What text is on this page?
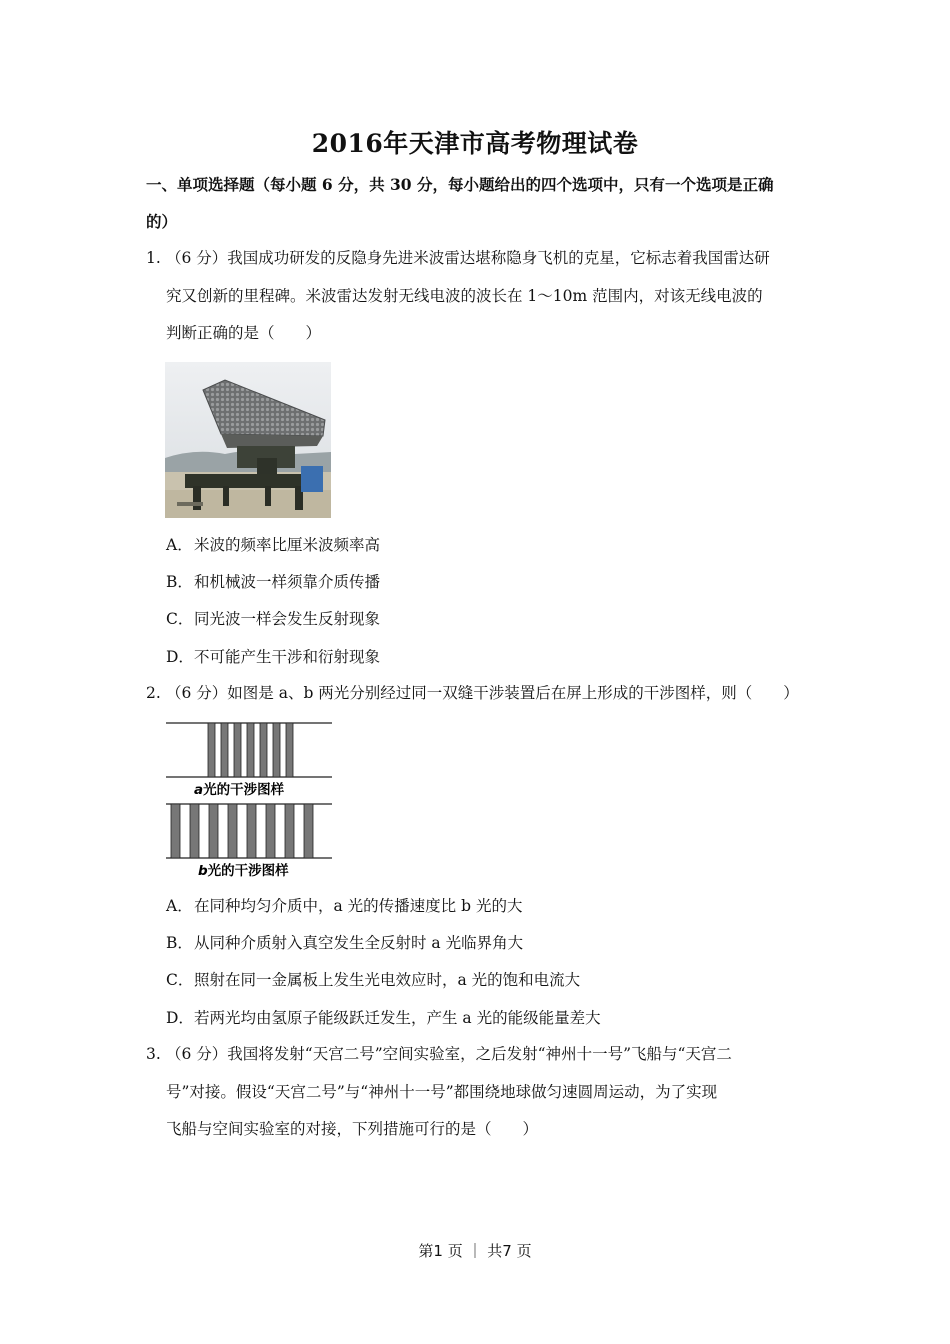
2016年天津市高考物理试卷
一、单项选择题（每小题 6 分，共 30 分，每小题给出的四个选项中，只有一个选项是正确
的）
1. （6 分）我国成功研发的反隐身先进米波雷达堪称隐身飞机的克星，它标志着我国雷达研
究又创新的里程碑。米波雷达发射无线电波的波长在 1～10m 范围内，对该无线电波的
判断正确的是（　　）
A．米波的频率比厘米波频率高
B．和机械波一样须靠介质传播
C．同光波一样会发生反射现象
D．不可能产生干涉和衍射现象
2. （6 分）如图是 a、b 两光分别经过同一双缝干涉装置后在屏上形成的干涉图样，则（　　）
a光的干涉图样
b光的干涉图样
A．在同种均匀介质中，a 光的传播速度比 b 光的大
B．从同种介质射入真空发生全反射时 a 光临界角大
C．照射在同一金属板上发生光电效应时，a 光的饱和电流大
D．若两光均由氢原子能级跃迁发生，产生 a 光的能级能量差大
3. （6 分）我国将发射“天宫二号”空间实验室，之后发射“神州十一号”飞船与“天宫二
号”对接。假设“天宫二号”与“神州十一号”都围绕地球做匀速圆周运动，为了实现
飞船与空间实验室的对接，下列措施可行的是（　　）
第1 页 ｜ 共7 页
